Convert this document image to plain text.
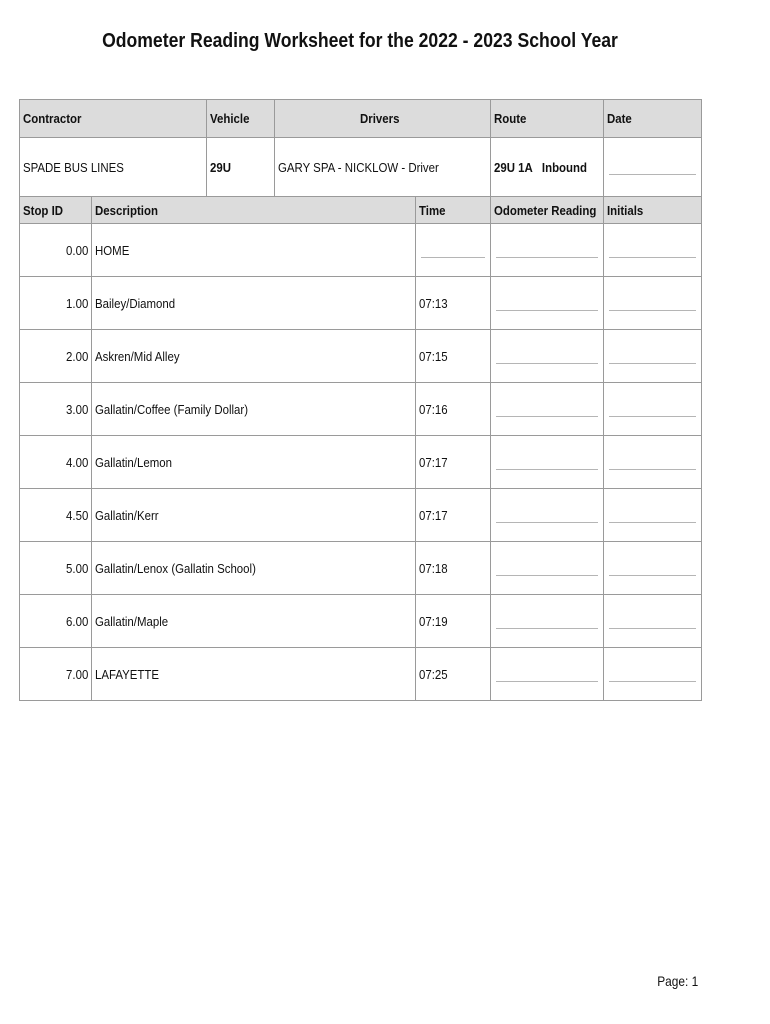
Odometer Reading Worksheet for the 2022 - 2023 School Year
Contractor		Vehicle	Drivers		Route	Date
SPADE BUS LINES		29U	GARY SPA - NICKLOW - Driver		29U 1A   Inbound	

Stop ID	Description			Time	Odometer Reading	Initials
0.00	HOME			

1.00	Bailey/Diamond			07:13	

2.00	Askren/Mid Alley			07:15	

3.00	Gallatin/Coffee (Family Dollar)			07:16	

4.00	Gallatin/Lemon			07:17	

4.50	Gallatin/Kerr			07:17	

5.00	Gallatin/Lenox (Gallatin School)			07:18	

6.00	Gallatin/Maple			07:19	

7.00	LAFAYETTE			07:25	

Page: 1
